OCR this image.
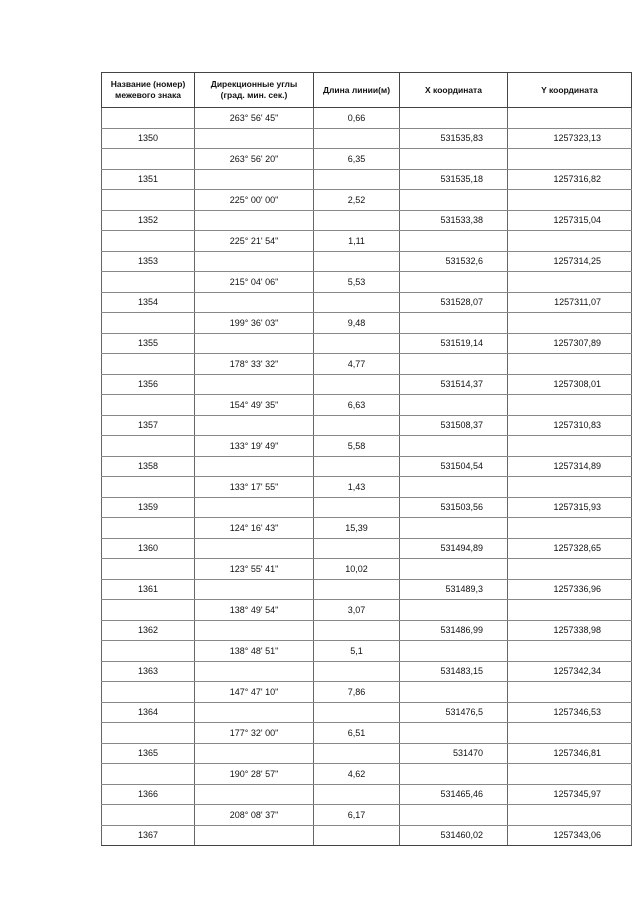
Название (номер)
межевого знака	Дирекционные углы
(град. мин. сек.)	Длина линии(м)	X координата	Y координата
	263° 56' 45"	0,66		
1350			531535,83	1257323,13
	263° 56' 20"	6,35		
1351			531535,18	1257316,82
	225° 00' 00"	2,52		
1352			531533,38	1257315,04
	225° 21' 54"	1,11		
1353			531532,6	1257314,25
	215° 04' 06"	5,53		
1354			531528,07	1257311,07
	199° 36' 03"	9,48		
1355			531519,14	1257307,89
	178° 33' 32"	4,77		
1356			531514,37	1257308,01
	154° 49' 35"	6,63		
1357			531508,37	1257310,83
	133° 19' 49"	5,58		
1358			531504,54	1257314,89
	133° 17' 55"	1,43		
1359			531503,56	1257315,93
	124° 16' 43"	15,39		
1360			531494,89	1257328,65
	123° 55' 41"	10,02		
1361			531489,3	1257336,96
	138° 49' 54"	3,07		
1362			531486,99	1257338,98
	138° 48' 51"	5,1		
1363			531483,15	1257342,34
	147° 47' 10"	7,86		
1364			531476,5	1257346,53
	177° 32' 00"	6,51		
1365			531470	1257346,81
	190° 28' 57"	4,62		
1366			531465,46	1257345,97
	208° 08' 37"	6,17		
1367			531460,02	1257343,06
